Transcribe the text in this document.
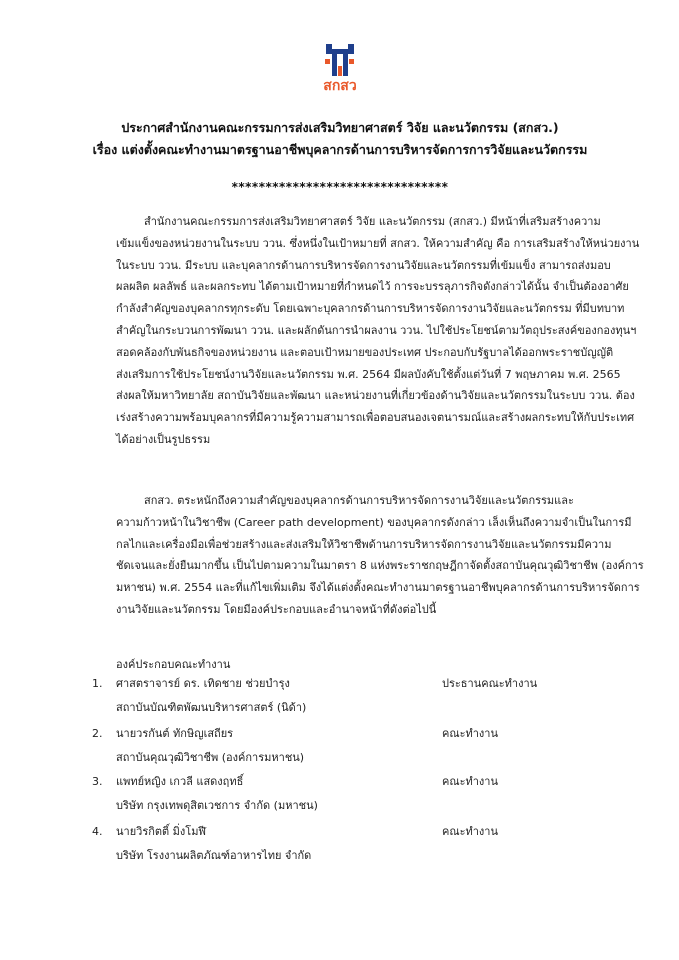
สกสว
ประกาศสำนักงานคณะกรรมการส่งเสริมวิทยาศาสตร์ วิจัย และนวัตกรรม (สกสว.)
เรื่อง แต่งตั้งคณะทำงานมาตรฐานอาชีพบุคลากรด้านการบริหารจัดการการวิจัยและนวัตกรรม
********************************
สำนักงานคณะกรรมการส่งเสริมวิทยาศาสตร์ วิจัย และนวัตกรรม (สกสว.) มีหน้าที่เสริมสร้างความ
เข้มแข็งของหน่วยงานในระบบ ววน. ซึ่งหนึ่งในเป้าหมายที่ สกสว. ให้ความสำคัญ คือ การเสริมสร้างให้หน่วยงาน
ในระบบ ววน. มีระบบ และบุคลากรด้านการบริหารจัดการงานวิจัยและนวัตกรรมที่เข้มแข็ง สามารถส่งมอบ
ผลผลิต ผลลัพธ์ และผลกระทบ ได้ตามเป้าหมายที่กำหนดไว้ การจะบรรลุภารกิจดังกล่าวได้นั้น จำเป็นต้องอาศัย
กำลังสำคัญของบุคลากรทุกระดับ โดยเฉพาะบุคลากรด้านการบริหารจัดการงานวิจัยและนวัตกรรม ที่มีบทบาท
สำคัญในกระบวนการพัฒนา ววน. และผลักดันการนำผลงาน ววน. ไปใช้ประโยชน์ตามวัตถุประสงค์ของกองทุนฯ
สอดคล้องกับพันธกิจของหน่วยงาน และตอบเป้าหมายของประเทศ ประกอบกับรัฐบาลได้ออกพระราชบัญญัติ
ส่งเสริมการใช้ประโยชน์งานวิจัยและนวัตกรรม พ.ศ. 2564 มีผลบังคับใช้ตั้งแต่วันที่ 7 พฤษภาคม พ.ศ. 2565
ส่งผลให้มหาวิทยาลัย สถาบันวิจัยและพัฒนา และหน่วยงานที่เกี่ยวข้องด้านวิจัยและนวัตกรรมในระบบ ววน. ต้อง
เร่งสร้างความพร้อมบุคลากรที่มีความรู้ความสามารถเพื่อตอบสนองเจตนารมณ์และสร้างผลกระทบให้กับประเทศ
ได้อย่างเป็นรูปธรรม
สกสว. ตระหนักถึงความสำคัญของบุคลากรด้านการบริหารจัดการงานวิจัยและนวัตกรรมและ
ความก้าวหน้าในวิชาชีพ (Career path development) ของบุคลากรดังกล่าว เล็งเห็นถึงความจำเป็นในการมี
กลไกและเครื่องมือเพื่อช่วยสร้างและส่งเสริมให้วิชาชีพด้านการบริหารจัดการงานวิจัยและนวัตกรรมมีความ
ชัดเจนและยั่งยืนมากขึ้น เป็นไปตามความในมาตรา 8 แห่งพระราชกฤษฎีกาจัดตั้งสถาบันคุณวุฒิวิชาชีพ (องค์การ
มหาชน) พ.ศ. 2554 และที่แก้ไขเพิ่มเติม จึงได้แต่งตั้งคณะทำงานมาตรฐานอาชีพบุคลากรด้านการบริหารจัดการ
งานวิจัยและนวัตกรรม โดยมีองค์ประกอบและอำนาจหน้าที่ดังต่อไปนี้
องค์ประกอบคณะทำงาน
1.	ศาสตราจารย์ ดร. เทิดชาย ช่วยบำรุง	ประธานคณะทำงาน
สถาบันบัณฑิตพัฒนบริหารศาสตร์ (นิด้า)
2.	นายวรกันต์ ทักษิญเสถียร	คณะทำงาน
สถาบันคุณวุฒิวิชาชีพ (องค์การมหาชน)
3.	แพทย์หญิง เกวลี แสดงฤทธิ์	คณะทำงาน
บริษัท กรุงเทพดุสิตเวชการ จำกัด (มหาชน)
4.	นายวิรกิตติ์ มิ่งโมฬี	คณะทำงาน
บริษัท โรงงานผลิตภัณฑ์อาหารไทย จำกัด
